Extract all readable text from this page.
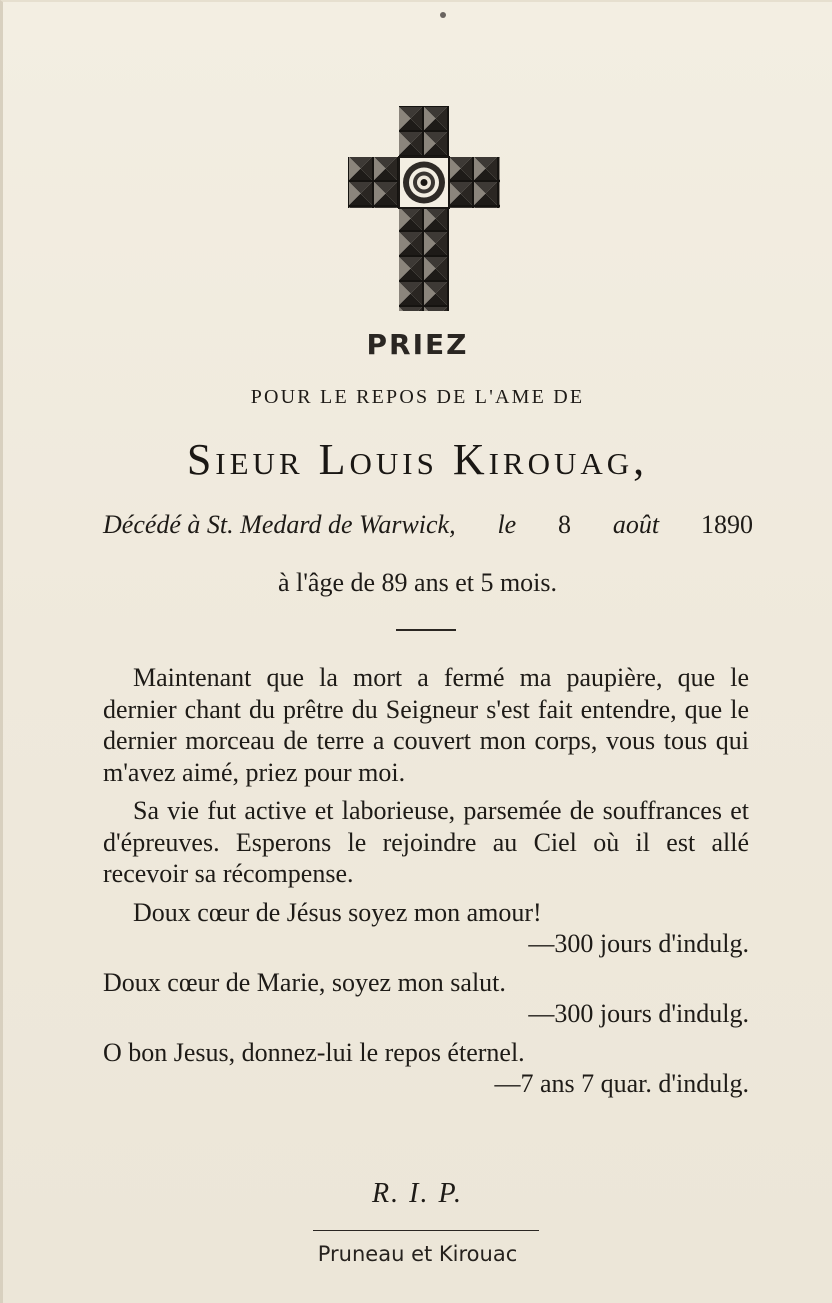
PRIEZ
POUR LE REPOS DE L'AME DE
Sieur Louis Kirouag,
Décédé à St. Medard de Warwick, le 8 août 1890
à l'âge de 89 ans et 5 mois.

Maintenant que la mort a fermé ma paupière, que le dernier chant du prêtre du Seigneur s'est fait entendre, que le dernier morceau de terre a couvert mon corps, vous tous qui m'avez aimé, priez pour moi.

Sa vie fut active et laborieuse, parsemée de souffrances et d'épreuves. Esperons le rejoindre au Ciel où il est allé recevoir sa récompense.

Doux cœur de Jésus soyez mon amour!

—300 jours d'indulg.

Doux cœur de Marie, soyez mon salut.

—300 jours d'indulg.

O bon Jesus, donnez-lui le repos éternel.

—7 ans 7 quar. d'indulg.

R. I. P.
Pruneau et Kirouac
